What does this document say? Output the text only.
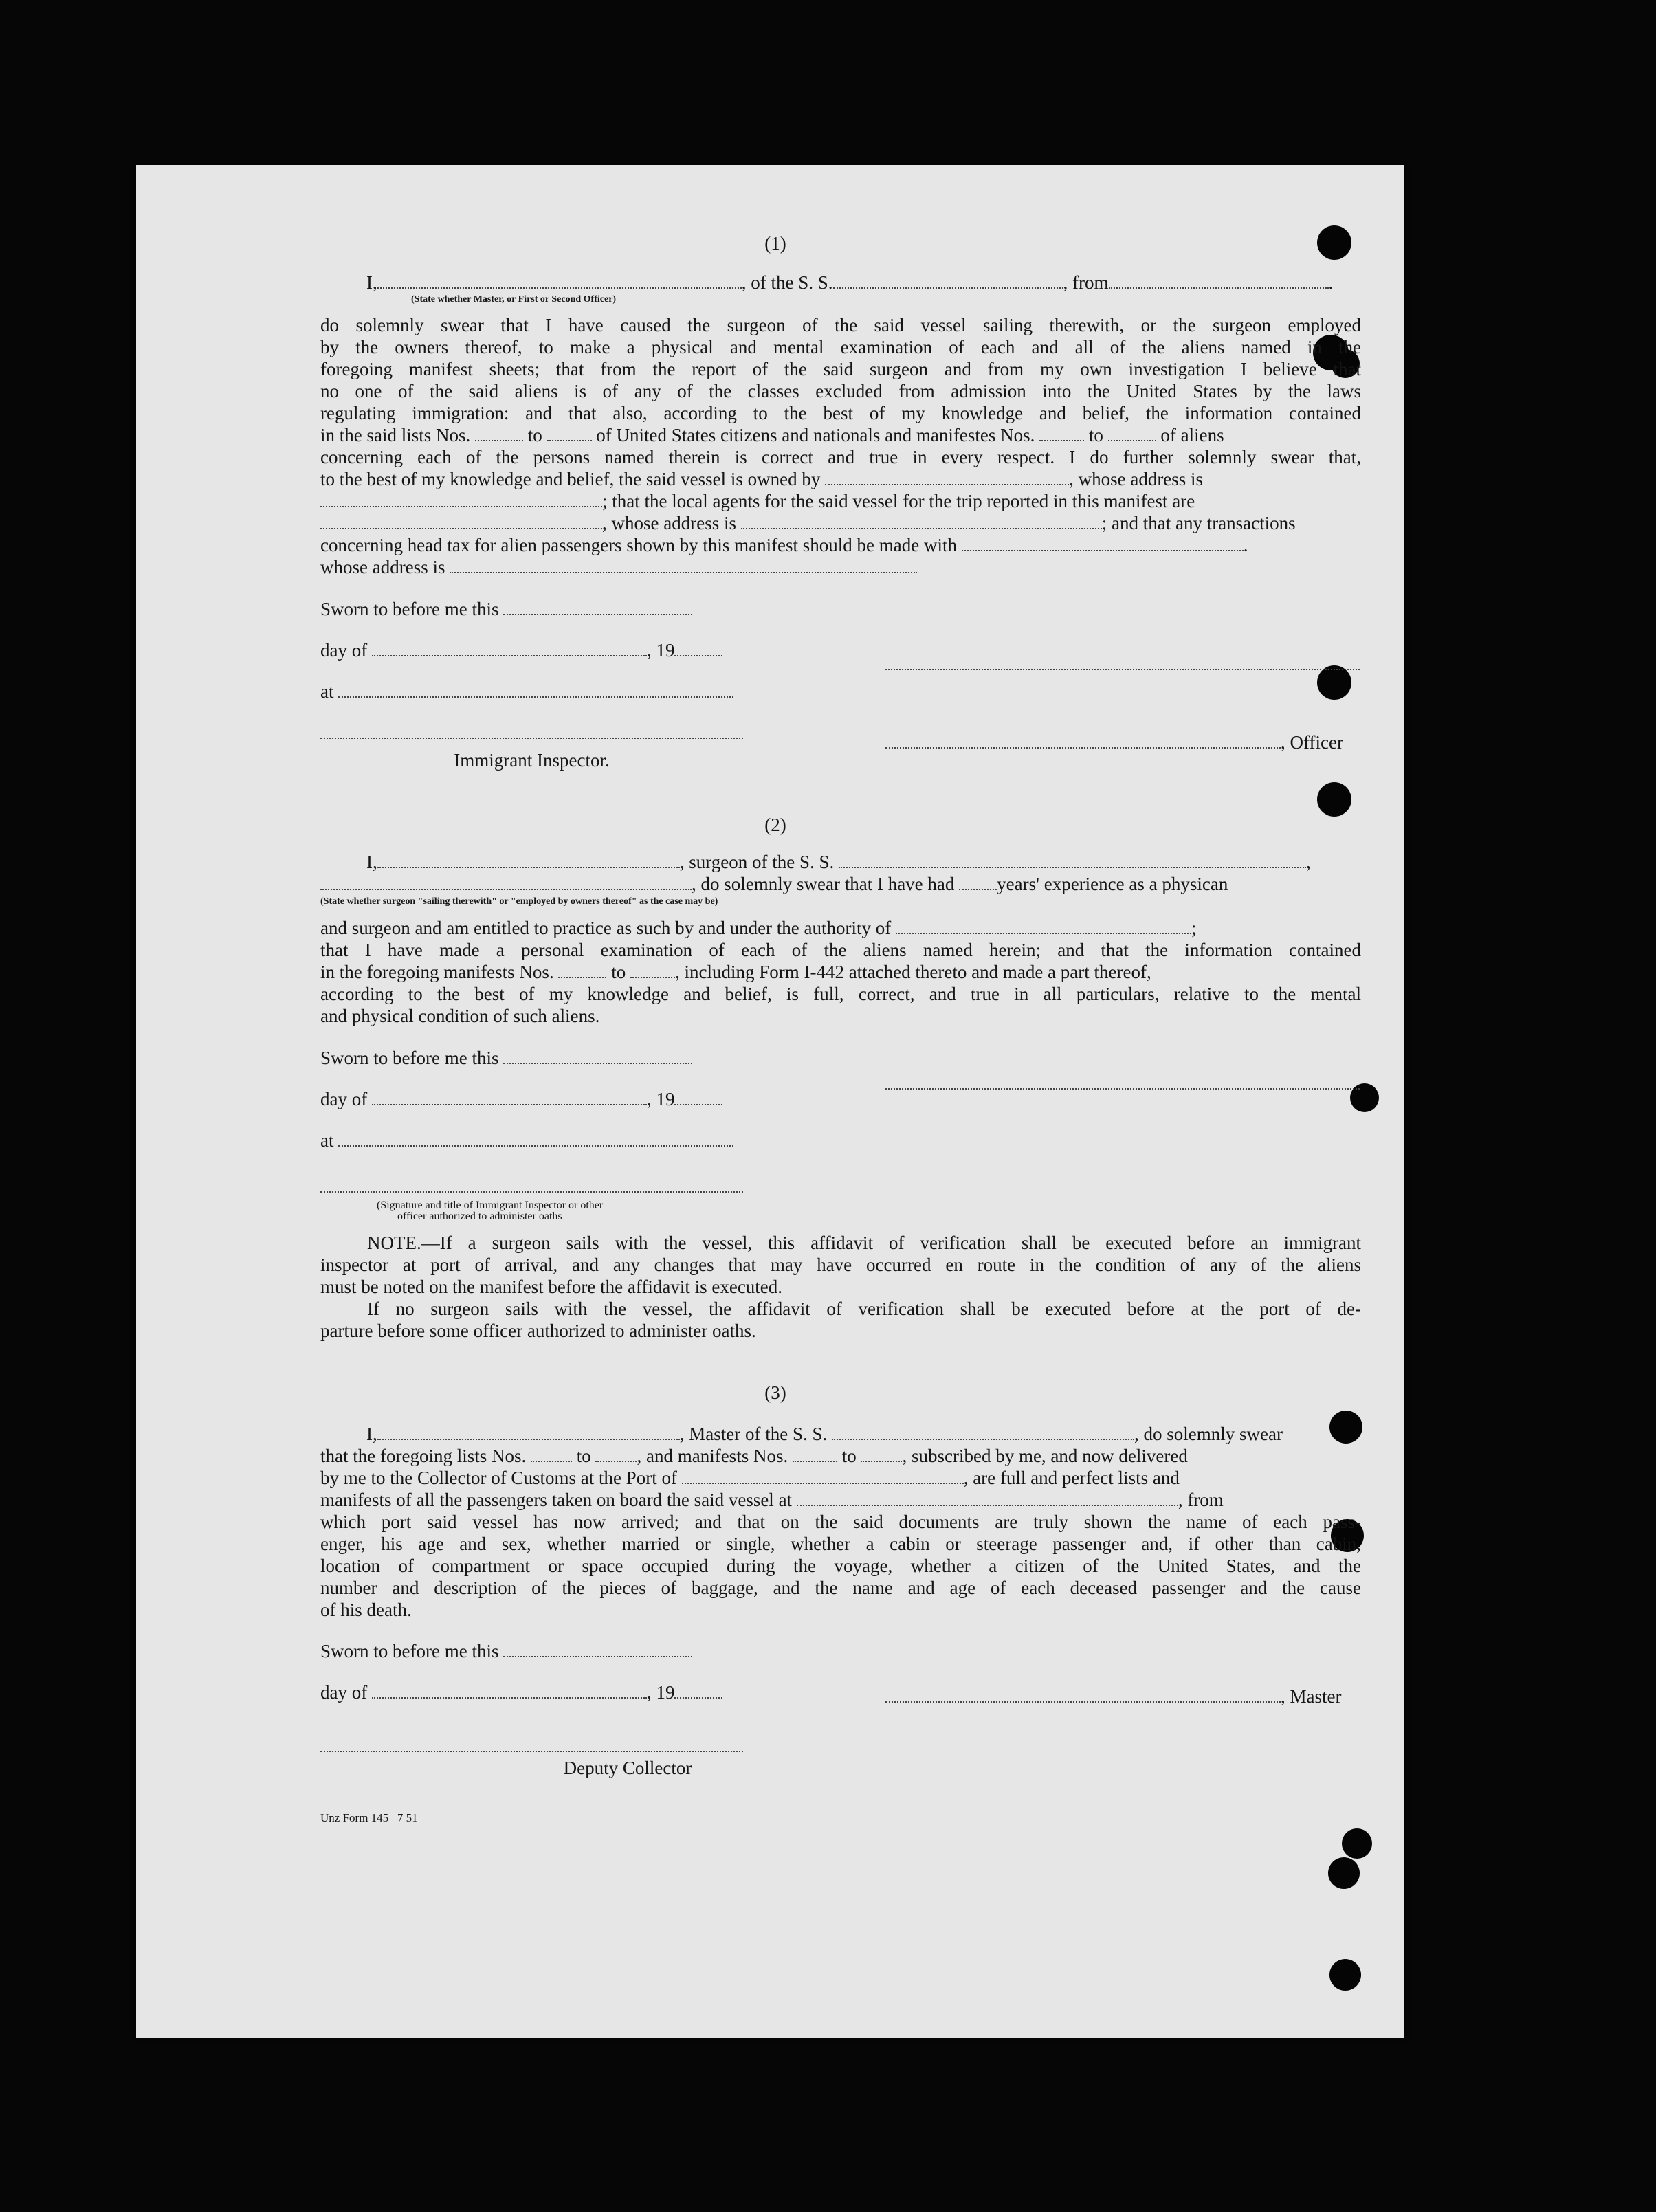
(1)
I,	, of the S. S.	, from	.
(State whether Master, or First or Second Officer)
do solemnly swear that I have caused the surgeon of the said vessel sailing therewith, or the surgeon employed
by the owners thereof, to make a physical and mental examination of each and all of the aliens named in the
foregoing manifest sheets; that from the report of the said surgeon and from my own investigation I believe that
no one of the said aliens is of any of the classes excluded from admission into the United States by the laws
regulating immigration: and that also, according to the best of my knowledge and belief, the information contained
in the said lists Nos.	to	of United States citizens and nationals and manifestes Nos.	to	of aliens
concerning each of the persons named therein is correct and true in every respect. I do further solemnly swear that,
to the best of my knowledge and belief, the said vessel is owned by	, whose address is
; that the local agents for the said vessel for the trip reported in this manifest are
, whose address is	; and that any transactions
concerning head tax for alien passengers shown by this manifest should be made with	.
whose address is
Sworn to before me this
day of	, 19
at
, Officer
Immigrant Inspector.
(2)
I,	, surgeon of the S. S.	,
, do solemnly swear that I have had years' experience as a physican
(State whether surgeon "sailing therewith" or "employed by owners thereof" as the case may be)
and surgeon and am entitled to practice as such by and under the authority of	;
that I have made a personal examination of each of the aliens named herein; and that the information contained
in the foregoing manifests Nos.	to	, including Form I-442 attached thereto and made a part thereof,
according to the best of my knowledge and belief, is full, correct, and true in all particulars, relative to the mental
and physical condition of such aliens.
Sworn to before me this
day of	, 19
at
(Signature and title of Immigrant Inspector or other
officer authorized to administer oaths
NOTE.—If a surgeon sails with the vessel, this affidavit of verification shall be executed before an immigrant
inspector at port of arrival, and any changes that may have occurred en route in the condition of any of the aliens
must be noted on the manifest before the affidavit is executed.
If no surgeon sails with the vessel, the affidavit of verification shall be executed before at the port of de-
parture before some officer authorized to administer oaths.
(3)
I,	, Master of the S. S.	, do solemnly swear
that the foregoing lists Nos.	to , and manifests Nos.	to , subscribed by me, and now delivered
by me to the Collector of Customs at the Port of	, are full and perfect lists and
manifests of all the passengers taken on board the said vessel at	, from
which port said vessel has now arrived; and that on the said documents are truly shown the name of each pass-
enger, his age and sex, whether married or single, whether a cabin or steerage passenger and, if other than cabin,
location of compartment or space occupied during the voyage, whether a citizen of the United States, and the
number and description of the pieces of baggage, and the name and age of each deceased passenger and the cause
of his death.
Sworn to before me this
day of	, 19	, Master
Deputy Collector
Unz Form 145   7 51
